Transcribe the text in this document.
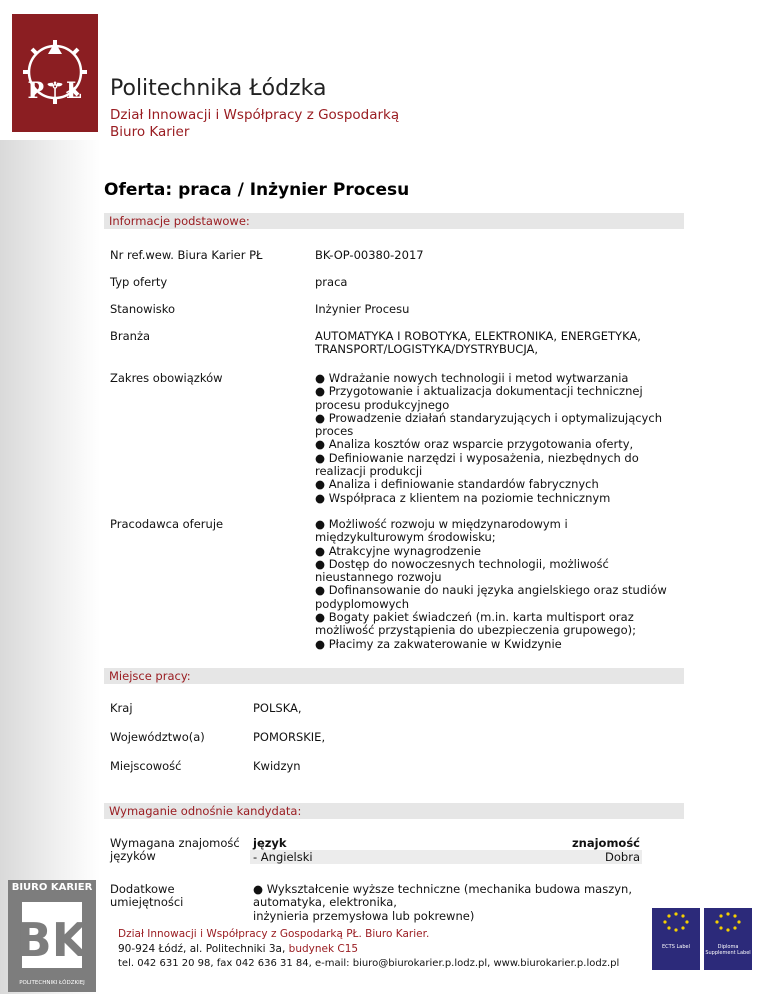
P⚚Ł	Politechnika Łódzka
Dział Innowacji i Współpracy z Gospodarką
Biuro Karier
Oferta: praca / Inżynier Procesu
Informacje podstawowe:
Nr ref.wew. Biura Karier PŁ	BK-OP-00380-2017
Typ oferty	praca
Stanowisko	Inżynier Procesu
Branża	AUTOMATYKA I ROBOTYKA, ELEKTRONIKA, ENERGETYKA,
TRANSPORT/LOGISTYKA/DYSTRYBUCJA,
Zakres obowiązków	● Wdrażanie nowych technologii i metod wytwarzania
● Przygotowanie i aktualizacja dokumentacji technicznej
procesu produkcyjnego
● Prowadzenie działań standaryzujących i optymalizujących
proces
● Analiza kosztów oraz wsparcie przygotowania oferty,
● Definiowanie narzędzi i wyposażenia, niezbędnych do
realizacji produkcji
● Analiza i definiowanie standardów fabrycznych
● Współpraca z klientem na poziomie technicznym
Pracodawca oferuje	● Możliwość rozwoju w międzynarodowym i
międzykulturowym środowisku;
● Atrakcyjne wynagrodzenie
● Dostęp do nowoczesnych technologii, możliwość
nieustannego rozwoju
● Dofinansowanie do nauki języka angielskiego oraz studiów
podyplomowych
● Bogaty pakiet świadczeń (m.in. karta multisport oraz
możliwość przystąpienia do ubezpieczenia grupowego);
● Płacimy za zakwaterowanie w Kwidzynie
Miejsce pracy:
Kraj	POLSKA,
Województwo(a)	POMORSKIE,
Miejscowość	Kwidzyn
Wymaganie odnośnie kandydata:
Wymagana znajomość
języków
język	znajomość
- Angielski	Dobra
Dodatkowe
umiejętności
● Wykształcenie wyższe techniczne (mechanika budowa maszyn,
automatyka, elektronika,
inżynieria przemysłowa lub pokrewne)
BIURO KARIER
BK
POLITECHNIKI ŁÓDZKIEJ
Dział Innowacji i Współpracy z Gospodarką PŁ. Biuro Karier.
90-924 Łódź, al. Politechniki 3a, budynek C15
tel. 042 631 20 98, fax 042 636 31 84, e-mail: biuro@biurokarier.p.lodz.pl, www.biurokarier.p.lodz.pl
ECTS Label	Diploma Supplement Label
